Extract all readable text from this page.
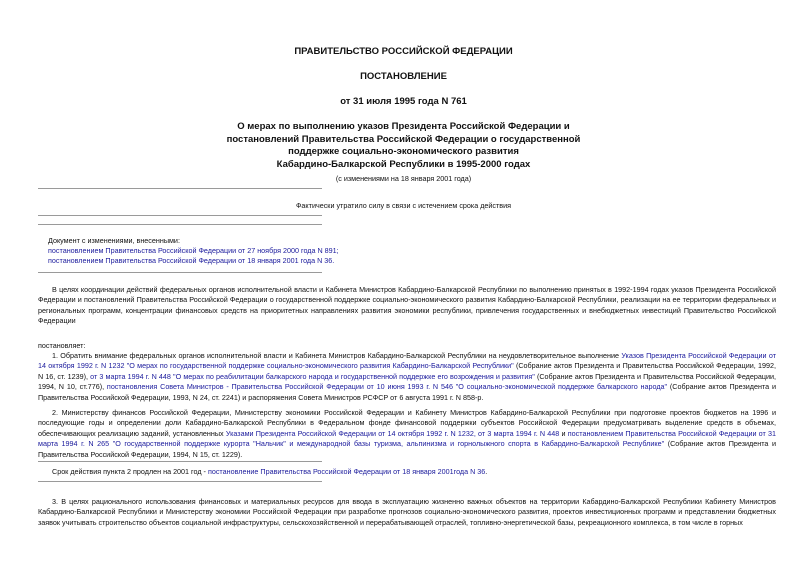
ПРАВИТЕЛЬСТВО РОССИЙСКОЙ ФЕДЕРАЦИИ
ПОСТАНОВЛЕНИЕ
от 31 июля 1995 года N 761
О мерах по выполнению указов Президента Российской Федерации и
постановлений Правительства Российской Федерации о государственной
поддержке социально-экономического развития
Кабардино-Балкарской Республики в 1995-2000 годах
(с изменениями на 18 января 2001 года)
Фактически утратило силу в связи с истечением срока действия
Документ с изменениями, внесенными:
постановлением Правительства Российской Федерации от 27 ноября 2000 года N 891;
постановлением Правительства Российской Федерации от 18 января 2001 года N 36.
В целях координации действий федеральных органов исполнительной власти и Кабинета Министров Кабардино-Балкарской Республики по выполнению принятых в 1992-1994 годах указов Президента Российской Федерации и постановлений Правительства Российской Федерации о государственной поддержке социально-экономического развития Кабардино-Балкарской Республики, реализации на ее территории федеральных и региональных программ, концентрации финансовых средств на приоритетных направлениях развития экономики республики, привлечения государственных и внебюджетных инвестиций Правительство Российской Федерации
постановляет:
1. Обратить внимание федеральных органов исполнительной власти и Кабинета Министров Кабардино-Балкарской Республики на неудовлетворительное выполнение Указов Президента Российской Федерации от 14 октября 1992 г. N 1232 "О мерах по государственной поддержке социально-экономического развития Кабардино-Балкарской Республики" (Собрание актов Президента и Правительства Российской Федерации, 1992, N 16, ст. 1239), от 3 марта 1994 г. N 448 "О мерах по реабилитации балкарского народа и государственной поддержке его возрождения и развития" (Собрание актов Президента и Правительства Российской Федерации, 1994, N 10, ст.776), постановления Совета Министров - Правительства Российской Федерации от 10 июня 1993 г. N 546 "О социально-экономической поддержке балкарского народа" (Собрание актов Президента и Правительства Российской Федерации, 1993, N 24, ст. 2241) и распоряжения Совета Министров РСФСР от 6 августа 1991 г. N 858-р.
2. Министерству финансов Российской Федерации, Министерству экономики Российской Федерации и Кабинету Министров Кабардино-Балкарской Республики при подготовке проектов бюджетов на 1996 и последующие годы и определении доли Кабардино-Балкарской Республики в Федеральном фонде финансовой поддержки субъектов Российской Федерации предусматривать выделение средств в объемах, обеспечивающих реализацию заданий, установленных Указами Президента Российской Федерации от 14 октября 1992 г. N 1232, от 3 марта 1994 г. N 448 и постановлением Правительства Российской Федерации от 31 марта 1994 г. N 265 "О государственной поддержке курорта "Нальчик" и международной базы туризма, альпинизма и горнолыжного спорта в Кабардино-Балкарской Республике" (Собрание актов Президента и Правительства Российской Федерации, 1994, N 15, ст. 1229).
Срок действия пункта 2 продлен на 2001 год - постановление Правительства Российской Федерации от 18 января 2001года N 36.
3. В целях рационального использования финансовых и материальных ресурсов для ввода в эксплуатацию жизненно важных объектов на территории Кабардино-Балкарской Республики Кабинету Министров Кабардино-Балкарской Республики и Министерству экономики Российской Федерации при разработке прогнозов социально-экономического развития, проектов инвестиционных программ и представлении бюджетных заявок учитывать строительство объектов социальной инфраструктуры, сельскохозяйственной и перерабатывающей отраслей, топливно-энергетической базы, рекреационного комплекса, в том числе в горных
